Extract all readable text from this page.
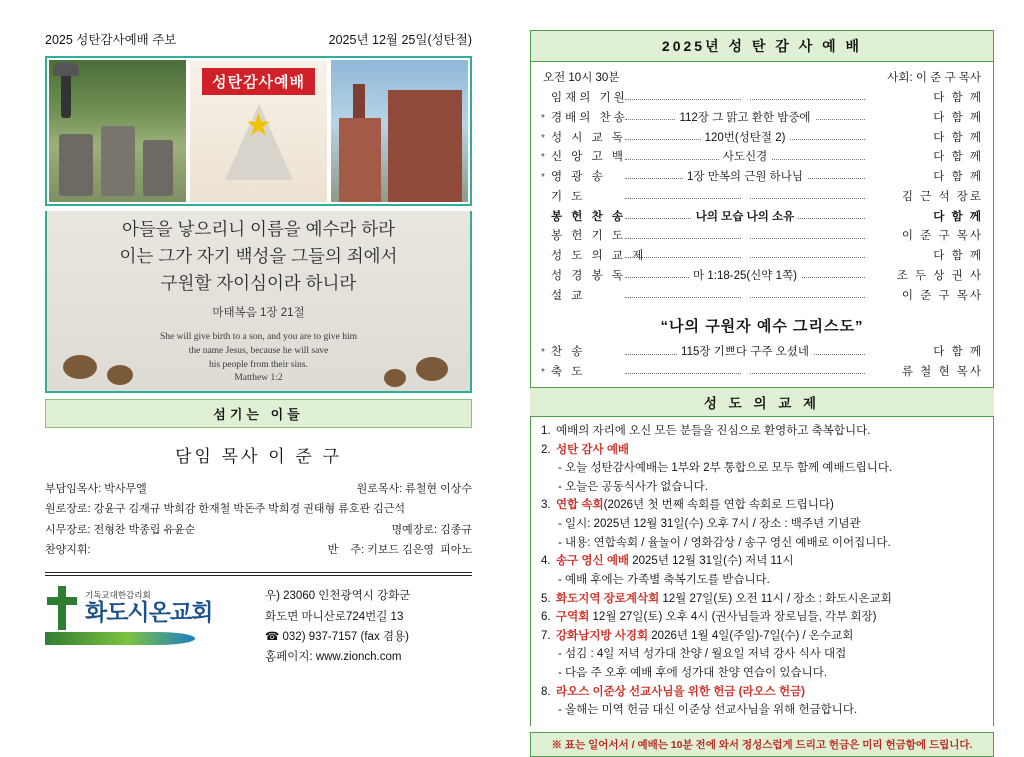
2025 성탄감사예배 주보	2025년 12월 25일(성탄절)
성탄감사예배
★
아들을 낳으리니 이름을 예수라 하라
이는 그가 자기 백성을 그들의 죄에서
구원할 자이심이라 하니라
마태복음 1장 21절
She will give birth to a son, and you are to give him
the name Jesus, because he will save
his people from their sins.
Matthew 1:2
섬기는 이들
담임 목사 이 준 구
부담임목사: 박사무엘	원로목사: 류철현 이상수
원로장로: 강윤구 김재규 박희감 한재철 박돈주 박희경 권태형 류호관 김근석
시무장로: 전형찬 박종립 유윤순	명예장로: 김종규
찬양지휘:	반    주: 키보드 김은영  피아노
기독교대한감리회
화도시온교회
우) 23060 인천광역시 강화군
화도면 마니산로724번길 13
☎ 032) 937-7157 (fax 겸용)
홈페이지: www.zionch.com
2025년 성 탄 감 사 예 배
오전 10시 30분	사회: 이 준 구 목사
임재의 기원	다 함 께
* 경배의 찬송	112장 그 맑고 환한 밤중에	다 함 께
* 성 시 교 독	120번(성탄절 2)	다 함 께
* 신 앙 고 백	사도신경	다 함 께
* 영 광 송	1장 만복의 근원 하나님	다 함 께
기 도	김 근 석 장로
봉 헌 찬 송	나의 모습 나의 소유	다 함 께
봉 헌 기 도	이 준 구 목사
성 도 의 교 제	다 함 께
성 경 봉 독	마 1:18-25(신약 1쪽)	조 두 상 권 사
설 교	이 준 구 목사
“나의 구원자 예수 그리스도”
* 찬 송	115장 기쁘다 구주 오셨네	다 함 께
* 축 도	류 철 현 목사
성 도 의 교 제
1. 예배의 자리에 오신 모든 분들을 진심으로 환영하고 축복합니다.
2. 성탄 감사 예배
- 오늘 성탄감사예배는 1부와 2부 통합으로 모두 함께 예배드립니다.
- 오늘은 공동식사가 없습니다.
3. 연합 속회(2026년 첫 번째 속회를 연합 속회로 드립니다)
- 일시: 2025년 12월 31일(수) 오후 7시 / 장소 : 백주년 기념관
- 내용: 연합속회 / 율놀이 / 영화감상 / 송구 영신 예배로 이어집니다.
4. 송구 영신 예배 2025년 12월 31일(수) 저녁 11시
- 예배 후에는 가족별 축복기도를 받습니다.
5. 화도지역 장로계삭회 12월 27일(토) 오전 11시 / 장소 : 화도시온교회
6. 구역회 12월 27일(토) 오후 4시 (권사님들과 장로님들, 각부 회장)
7. 강화남지방 사경회 2026년 1월 4일(주일)-7일(수) / 온수교회
- 섬김 : 4일 저녁 성가대 찬양 / 월요일 저녁 강사 식사 대접
- 다음 주 오후 예배 후에 성가대 찬양 연습이 있습니다.
8. 라오스 이준상 선교사님을 위한 헌금 (라오스 헌금)
- 올해는 미역 헌금 대신 이준상 선교사님을 위해 헌금합니다.
※ 표는 일어서서 / 예배는 10분 전에 와서 정성스럽게 드리고 헌금은 미리 헌금함에 드립니다.
